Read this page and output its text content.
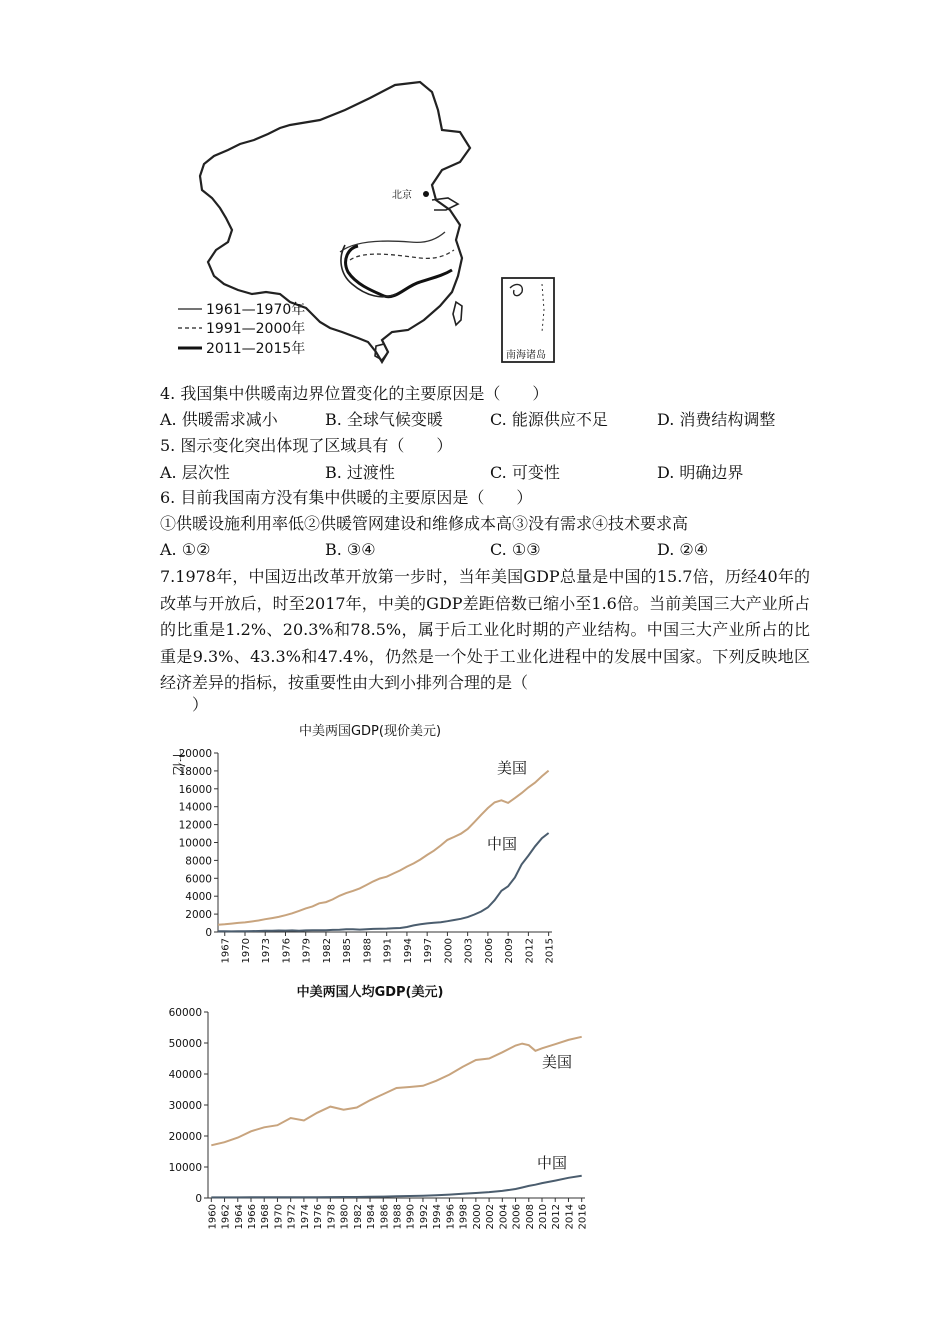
北京
1961—1970年
1991—2000年
2011—2015年	南海诸岛
4. 我国集中供暖南边界位置变化的主要原因是（　　）
A. 供暖需求减小	B. 全球气候变暖	C. 能源供应不足	D. 消费结构调整
5. 图示变化突出体现了区域具有（　　）
A. 层次性	B. 过渡性	C. 可变性	D. 明确边界
6. 目前我国南方没有集中供暖的主要原因是（　　）
①供暖设施利用率低②供暖管网建设和维修成本高③没有需求④技术要求高
A. ①②	B. ③④	C. ①③	D. ②④
7.1978年，中国迈出改革开放第一步时，当年美国GDP总量是中国的15.7倍，历经40年的改革与开放后，时至2017年，中美的GDP差距倍数已缩小至1.6倍。当前美国三大产业所占的比重是1.2%、20.3%和78.5%，属于后工业化时期的产业结构。中国三大产业所占的比重是9.3%、43.3%和47.4%，仍然是一个处于工业化进程中的发展中国家。下列反映地区经济差异的指标，按重要性由大到小排列合理的是（
　　）
中美两国GDP(现价美元)
十亿
20000
18000
16000
14000
12000
10000
8000
6000
4000
2000
0
1967 1970 1973 1976 1979 1982 1985 1988 1991 1994 1997 2000 2003 2006 2009 2012 2015
美国
中国
中美两国人均GDP(美元)
60000
50000
40000
30000
20000
10000
0
1960 1962 1964 1966 1968 1970 1972 1974 1976 1978 1980 1982 1984 1986 1988 1990 1992 1994 1996 1998 2000 2002 2004 2006 2008 2010 2012 2014 2016
美国
中国
